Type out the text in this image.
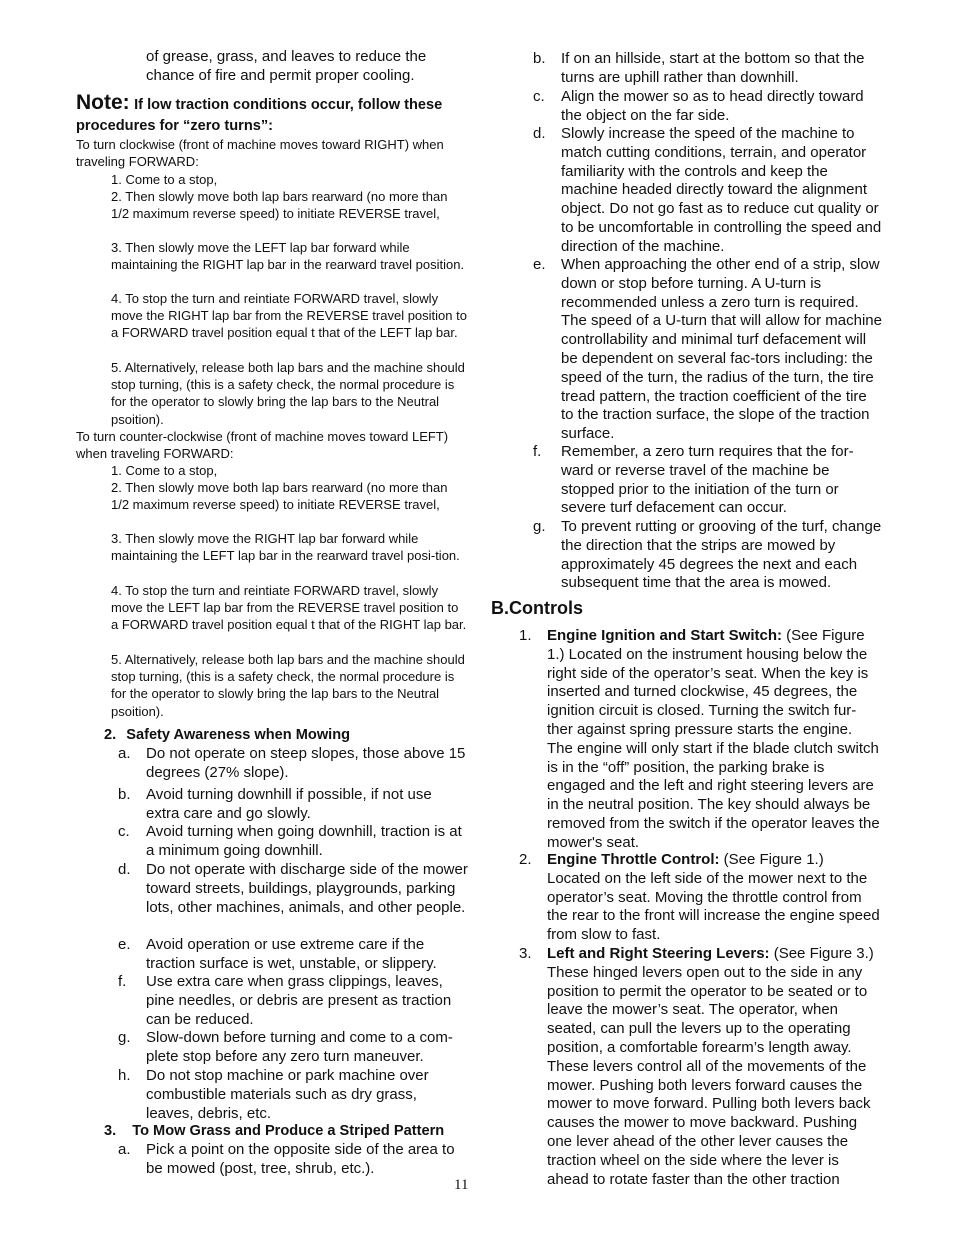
of grease, grass, and leaves to reduce the chance of fire and permit proper cooling.
Note: If low traction conditions occur, follow these procedures for “zero turns”:
To turn clockwise (front of machine moves toward RIGHT) when traveling FORWARD:
1. Come to a stop,
2. Then slowly move both lap bars rearward (no more than 1/2 maximum reverse speed) to initiate REVERSE travel,
3. Then slowly move the LEFT lap bar forward while maintaining the RIGHT lap bar in the rearward travel position.
4. To stop the turn and reintiate FORWARD travel, slowly move the RIGHT lap bar from the REVERSE travel position to a FORWARD travel position equal t that of the LEFT lap bar.
5. Alternatively, release both lap bars and the machine should stop turning, (this is a safety check, the normal procedure is for the operator to slowly bring the lap bars to the Neutral psoition).
To turn counter-clockwise (front of machine moves toward LEFT) when traveling FORWARD:
1. Come to a stop,
2. Then slowly move both lap bars rearward (no more than 1/2 maximum reverse speed) to initiate REVERSE travel,
3. Then slowly move the RIGHT lap bar forward while maintaining the LEFT lap bar in the rearward travel posi-tion.
4. To stop the turn and reintiate FORWARD travel, slowly move the LEFT lap bar from the REVERSE travel position to a FORWARD travel position equal t that of the RIGHT lap bar.
5. Alternatively, release both lap bars and the machine should stop turning, (this is a safety check, the normal procedure is for the operator to slowly bring the lap bars to the Neutral psoition).
2. Safety Awareness when Mowing
a. Do not operate on steep slopes, those above 15 degrees (27% slope).
b. Avoid turning downhill if possible, if not use extra care and go slowly.
c. Avoid turning when going downhill, traction is at a minimum going downhill.
d. Do not operate with discharge side of the mower toward streets, buildings, playgrounds, parking lots, other machines, animals, and other people.
e. Avoid operation or use extreme care if the traction surface is wet, unstable, or slippery.
f. Use extra care when grass clippings, leaves, pine needles, or debris are present as traction can be reduced.
g. Slow-down before turning and come to a com-plete stop before any zero turn maneuver.
h. Do not stop machine or park machine over combustible materials such as dry grass, leaves, debris, etc.
3. To Mow Grass and Produce a Striped Pattern
a. Pick a point on the opposite side of the area to be mowed (post, tree, shrub, etc.).
b. If on an hillside, start at the bottom so that the turns are uphill rather than downhill.
c. Align the mower so as to head directly toward the object on the far side.
d. Slowly increase the speed of the machine to match cutting conditions, terrain, and operator familiarity with the controls and keep the machine headed directly toward the alignment object. Do not go fast as to reduce cut quality or to be uncomfortable in controlling the speed and direction of the machine.
e. When approaching the other end of a strip, slow down or stop before turning. A U-turn is recommended unless a zero turn is required. The speed of a U-turn that will allow for machine controllability and minimal turf defacement will be dependent on several fac-tors including: the speed of the turn, the radius of the turn, the tire tread pattern, the traction coefficient of the tire to the traction surface, the slope of the traction surface.
f. Remember, a zero turn requires that the for-ward or reverse travel of the machine be stopped prior to the initiation of the turn or severe turf defacement can occur.
g. To prevent rutting or grooving of the turf, change the direction that the strips are mowed by approximately 45 degrees the next and each subsequent time that the area is mowed.
B.Controls
1. Engine Ignition and Start Switch: (See Figure 1.) Located on the instrument housing below the right side of the operator’s seat. When the key is inserted and turned clockwise, 45 degrees, the ignition circuit is closed. Turning the switch fur-ther against spring pressure starts the engine. The engine will only start if the blade clutch switch is in the “off” position, the parking brake is engaged and the left and right steering levers are in the neutral position. The key should always be removed from the switch if the operator leaves the mower's seat.
2. Engine Throttle Control: (See Figure 1.) Located on the left side of the mower next to the operator’s seat. Moving the throttle control from the rear to the front will increase the engine speed from slow to fast.
3. Left and Right Steering Levers: (See Figure 3.) These hinged levers open out to the side in any position to permit the operator to be seated or to leave the mower’s seat. The operator, when seated, can pull the levers up to the operating position, a comfortable forearm’s length away. These levers control all of the movements of the mower. Pushing both levers forward causes the mower to move forward. Pulling both levers back causes the mower to move backward. Pushing one lever ahead of the other lever causes the traction wheel on the side where the lever is ahead to rotate faster than the other traction
11
